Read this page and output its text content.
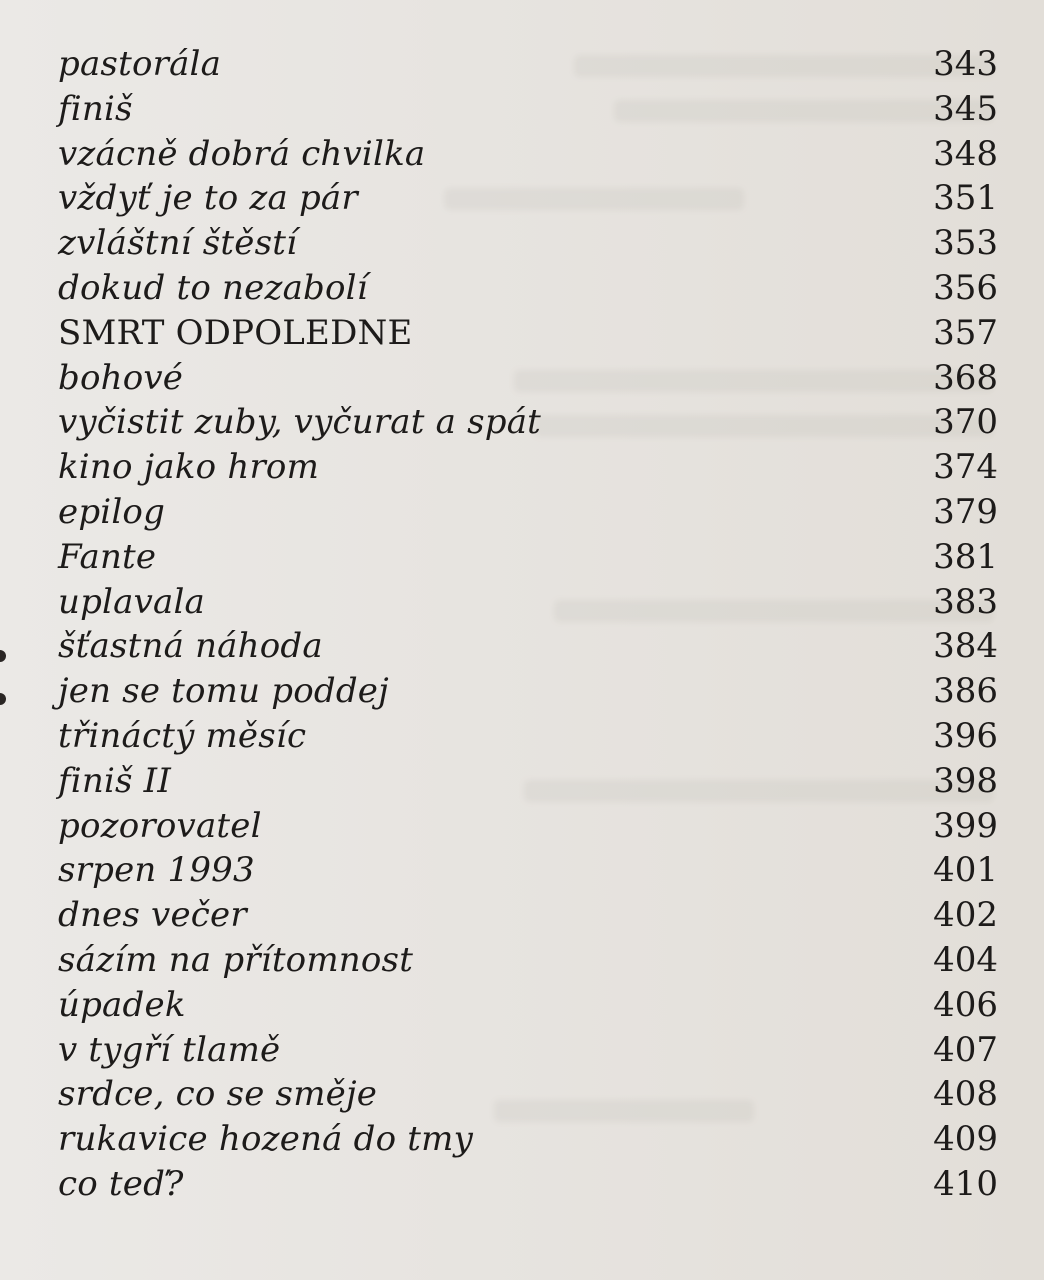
pastorála	343
finiš	345
vzácně dobrá chvilka	348
vždyť je to za pár	351
zvláštní štěstí	353
dokud to nezabolí	356
SMRT ODPOLEDNE	357
bohové	368
vyčistit zuby, vyčurat a spát	370
kino jako hrom	374
epilog	379
Fante	381
uplavala	383
šťastná náhoda	384
jen se tomu poddej	386
třináctý měsíc	396
finiš II	398
pozorovatel	399
srpen 1993	401
dnes večer	402
sázím na přítomnost	404
úpadek	406
v tygří tlamě	407
srdce, co se směje	408
rukavice hozená do tmy	409
co teď?	410
